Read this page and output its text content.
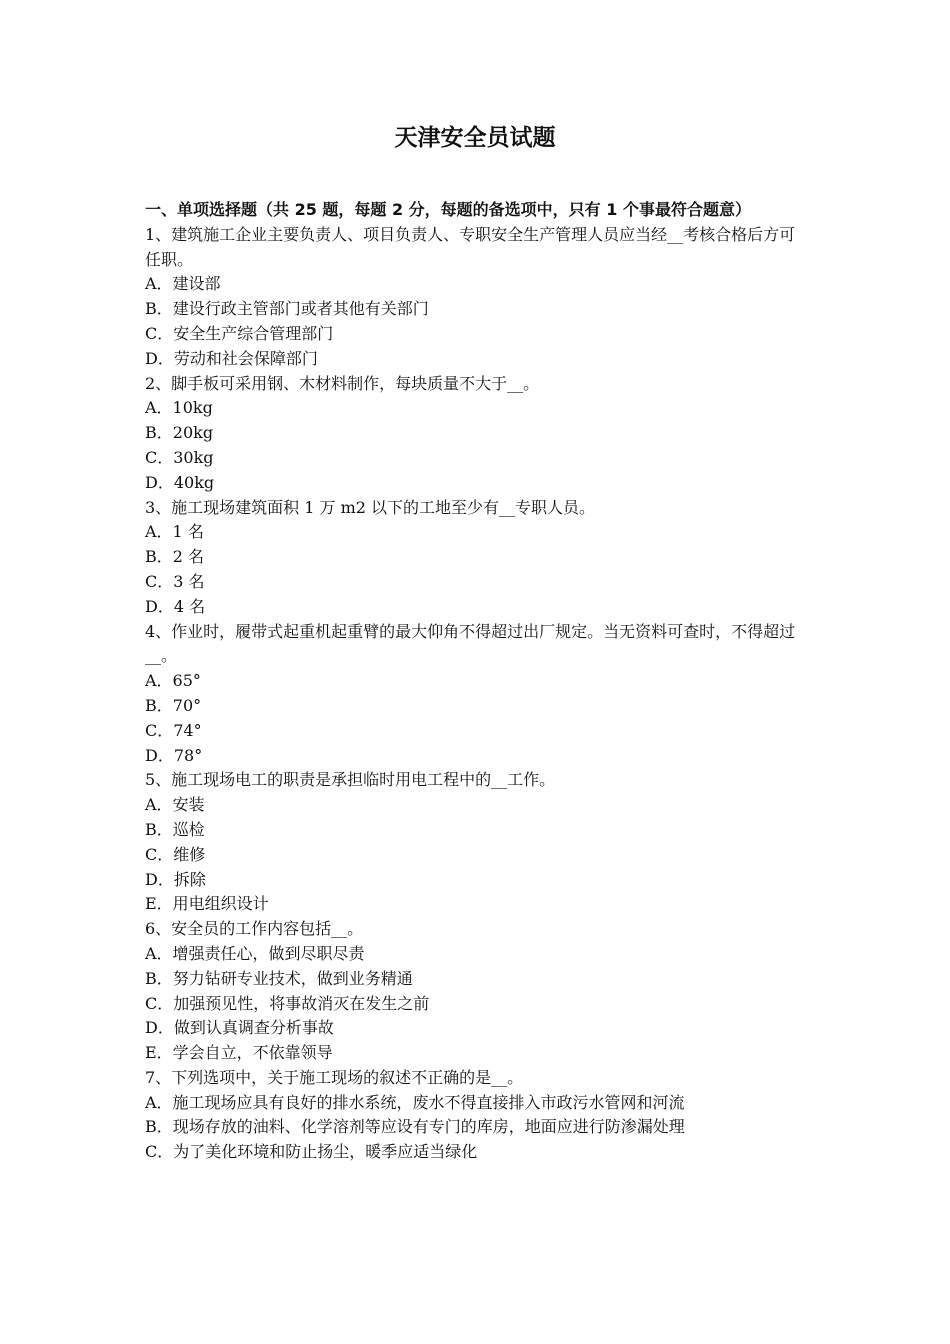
天津安全员试题
一、单项选择题（共 25 题，每题 2 分，每题的备选项中，只有 1 个事最符合题意）

1、建筑施工企业主要负责人、项目负责人、专职安全生产管理人员应当经__考核合格后方可任职。

A．建设部

B．建设行政主管部门或者其他有关部门

C．安全生产综合管理部门

D．劳动和社会保障部门

2、脚手板可采用钢、木材料制作，每块质量不大于__。

A．10kg

B．20kg

C．30kg

D．40kg

3、施工现场建筑面积 1 万 m2 以下的工地至少有__专职人员。

A．1 名

B．2 名

C．3 名

D．4 名

4、作业时，履带式起重机起重臂的最大仰角不得超过出厂规定。当无资料可查时，不得超过__。

A．65°

B．70°

C．74°

D．78°

5、施工现场电工的职责是承担临时用电工程中的__工作。

A．安装

B．巡检

C．维修

D．拆除

E．用电组织设计

6、安全员的工作内容包括__。

A．增强责任心，做到尽职尽责

B．努力钻研专业技术，做到业务精通

C．加强预见性，将事故消灭在发生之前

D．做到认真调查分析事故

E．学会自立，不依靠领导

7、下列选项中，关于施工现场的叙述不正确的是__。

A．施工现场应具有良好的排水系统，废水不得直接排入市政污水管网和河流

B．现场存放的油料、化学溶剂等应设有专门的库房，地面应进行防渗漏处理

C．为了美化环境和防止扬尘，暖季应适当绿化
